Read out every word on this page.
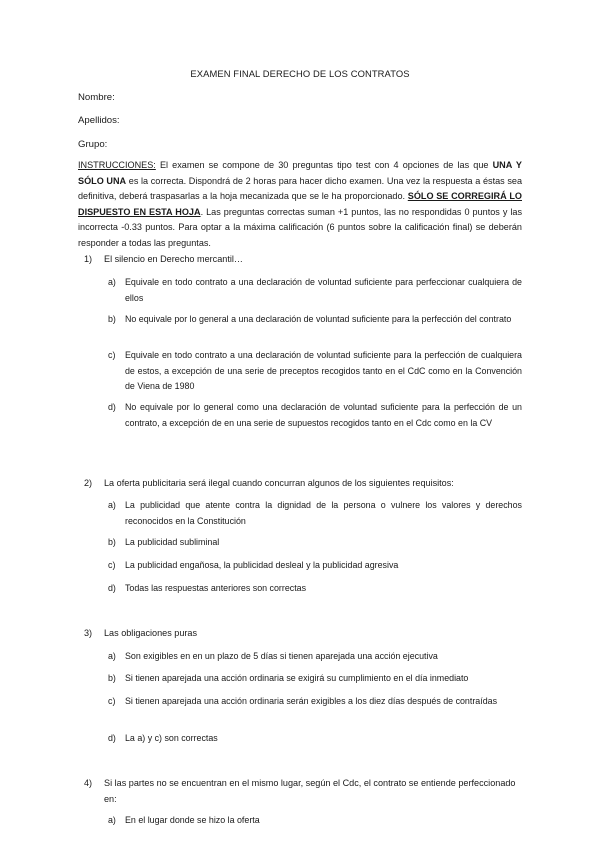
EXAMEN FINAL DERECHO DE LOS CONTRATOS
Nombre:
Apellidos:
Grupo:
INSTRUCCIONES: El examen se compone de 30 preguntas tipo test con 4 opciones de las que UNA Y SÓLO UNA es la correcta. Dispondrá de 2 horas para hacer dicho examen. Una vez la respuesta a éstas sea definitiva, deberá traspasarlas a la hoja mecanizada que se le ha proporcionado. SÓLO SE CORREGIRÁ LO DISPUESTO EN ESTA HOJA. Las preguntas correctas suman +1 puntos, las no respondidas 0 puntos y las incorrecta -0.33 puntos. Para optar a la máxima calificación (6 puntos sobre la calificación final) se deberán responder a todas las preguntas.
1)	El silencio en Derecho mercantil…
a)	Equivale en todo contrato a una declaración de voluntad suficiente para perfeccionar cualquiera de ellos
b)	No equivale por lo general a una declaración de voluntad suficiente para la perfección del contrato
c)	Equivale en todo contrato a una declaración de voluntad suficiente para la perfección de cualquiera de estos, a excepción de una serie de preceptos recogidos tanto en el CdC como en la Convención de Viena de 1980
d)	No equivale por lo general como una declaración de voluntad suficiente para la perfección de un contrato, a excepción de en una serie de supuestos recogidos tanto en el Cdc como en la CV
2)	La oferta publicitaria será ilegal cuando concurran algunos de los siguientes requisitos:
a)	La publicidad que atente contra la dignidad de la persona o vulnere los valores y derechos reconocidos en la Constitución
b)	La publicidad subliminal
c)	La publicidad engañosa, la publicidad desleal y la publicidad agresiva
d)	Todas las respuestas anteriores son correctas
3)	Las obligaciones puras
a)	Son exigibles en en un plazo de 5 días si tienen aparejada una acción ejecutiva
b)	Si tienen aparejada una acción ordinaria se exigirá su cumplimiento en el día inmediato
c)	Si tienen aparejada una acción ordinaria serán exigibles a los diez días después de contraídas
d)	La a) y c) son correctas
4)	Si las partes no se encuentran en el mismo lugar, según el Cdc, el contrato se entiende perfeccionado en:
a)	En el lugar donde se hizo la oferta
